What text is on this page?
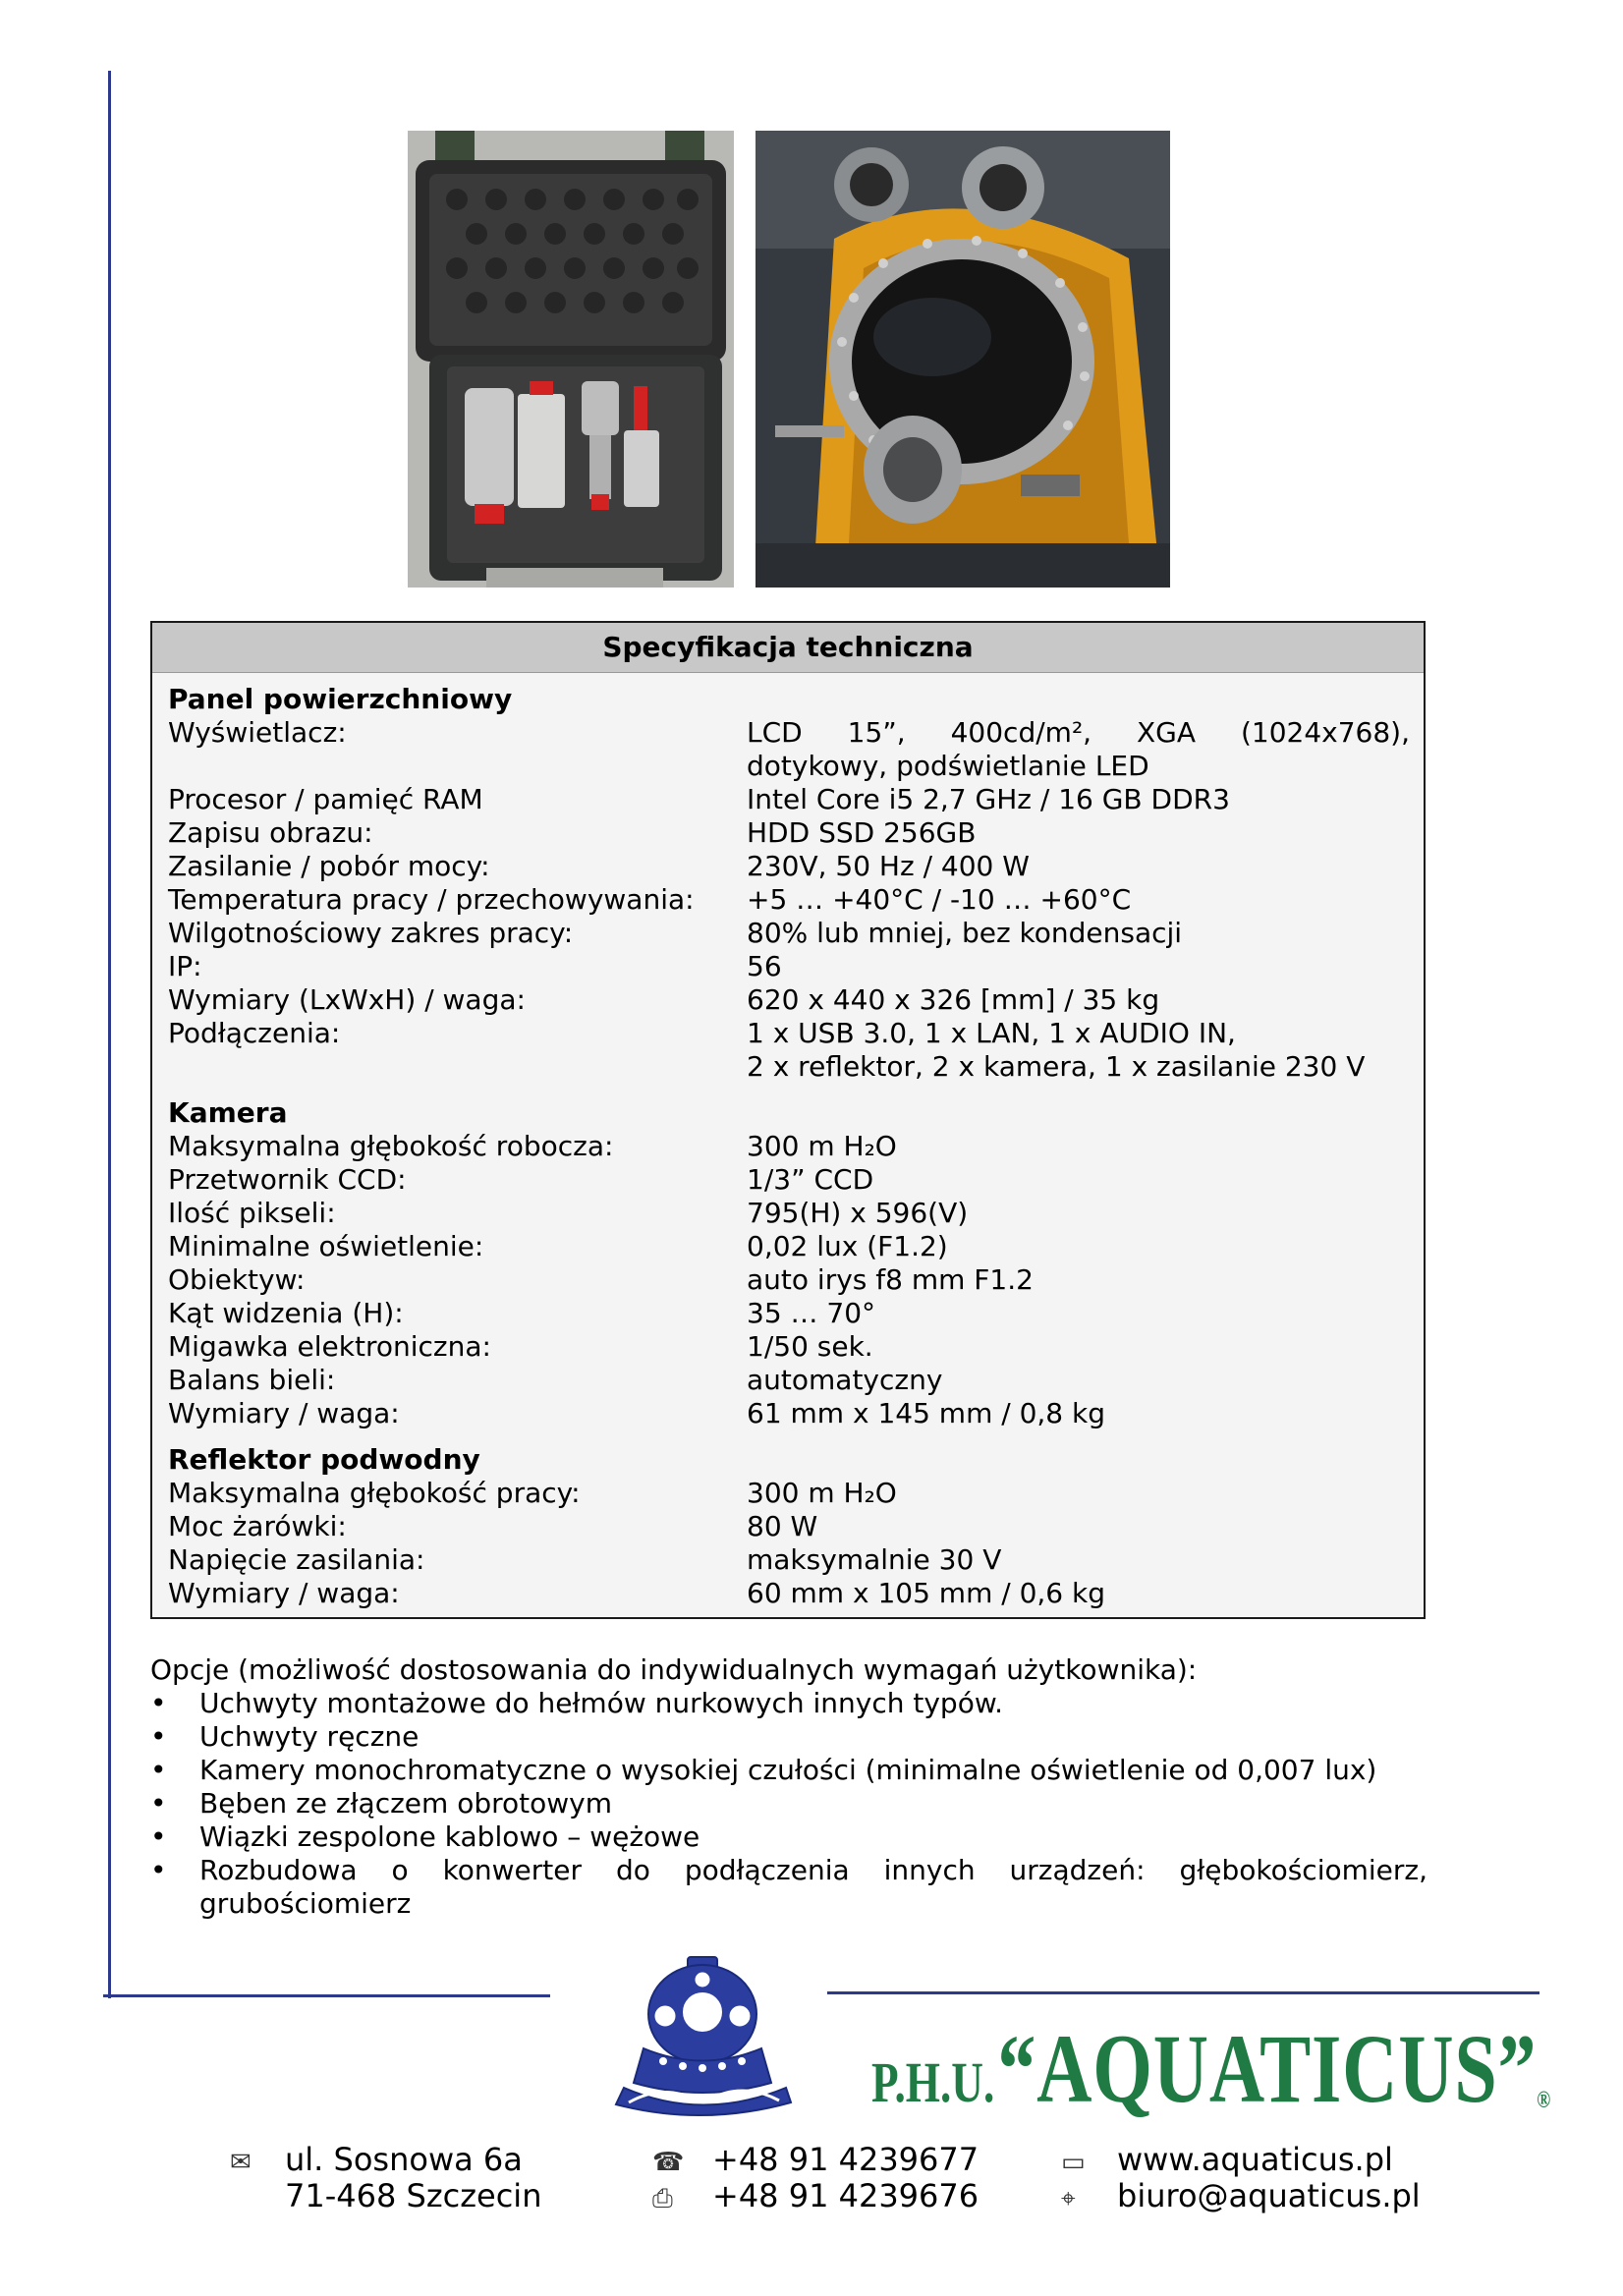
Specyfikacja techniczna
Panel powierzchniowy
Wyświetlacz:	LCD 15”, 400cd/m², XGA (1024x768), dotykowy, podświetlanie LED
Procesor / pamięć RAM	Intel Core i5 2,7 GHz / 16 GB DDR3
Zapisu obrazu:	HDD SSD 256GB
Zasilanie / pobór mocy:	230V, 50 Hz / 400 W
Temperatura pracy / przechowywania:	+5 … +40°C / -10 … +60°C
Wilgotnościowy zakres pracy:	80% lub mniej, bez kondensacji
IP:	56
Wymiary (LxWxH) / waga:	620 x 440 x 326 [mm] / 35 kg
Podłączenia:	1 x USB 3.0, 1 x LAN, 1 x AUDIO IN,
2 x reflektor, 2 x kamera, 1 x zasilanie 230 V
Kamera
Maksymalna głębokość robocza:	300 m H₂O
Przetwornik CCD:	1/3” CCD
Ilość pikseli:	795(H) x 596(V)
Minimalne oświetlenie:	0,02 lux (F1.2)
Obiektyw:	auto irys f8 mm F1.2
Kąt widzenia (H):	35 … 70°
Migawka elektroniczna:	1/50 sek.
Balans bieli:	automatyczny
Wymiary / waga:	61 mm x 145 mm / 0,8 kg
Reflektor podwodny
Maksymalna głębokość pracy:	300 m H₂O
Moc żarówki:	80 W
Napięcie zasilania:	maksymalnie 30 V
Wymiary / waga:	60 mm x 105 mm / 0,6 kg
Opcje (możliwość dostosowania do indywidualnych wymagań użytkownika):
• Uchwyty montażowe do hełmów nurkowych innych typów.
• Uchwyty ręczne
• Kamery monochromatyczne o wysokiej czułości (minimalne oświetlenie od 0,007 lux)
• Bęben ze złączem obrotowym
• Wiązki zespolone kablowo – wężowe
• Rozbudowa o konwerter do podłączenia innych urządzeń: głębokościomierz, grubościomierz
P.H.U. “AQUATICUS”®
✉ ul. Sosnowa 6a
71-468 Szczecin
☎
⎙
+48 91 4239677
+48 91 4239676
▭
⌖
www.aquaticus.pl
biuro@aquaticus.pl
